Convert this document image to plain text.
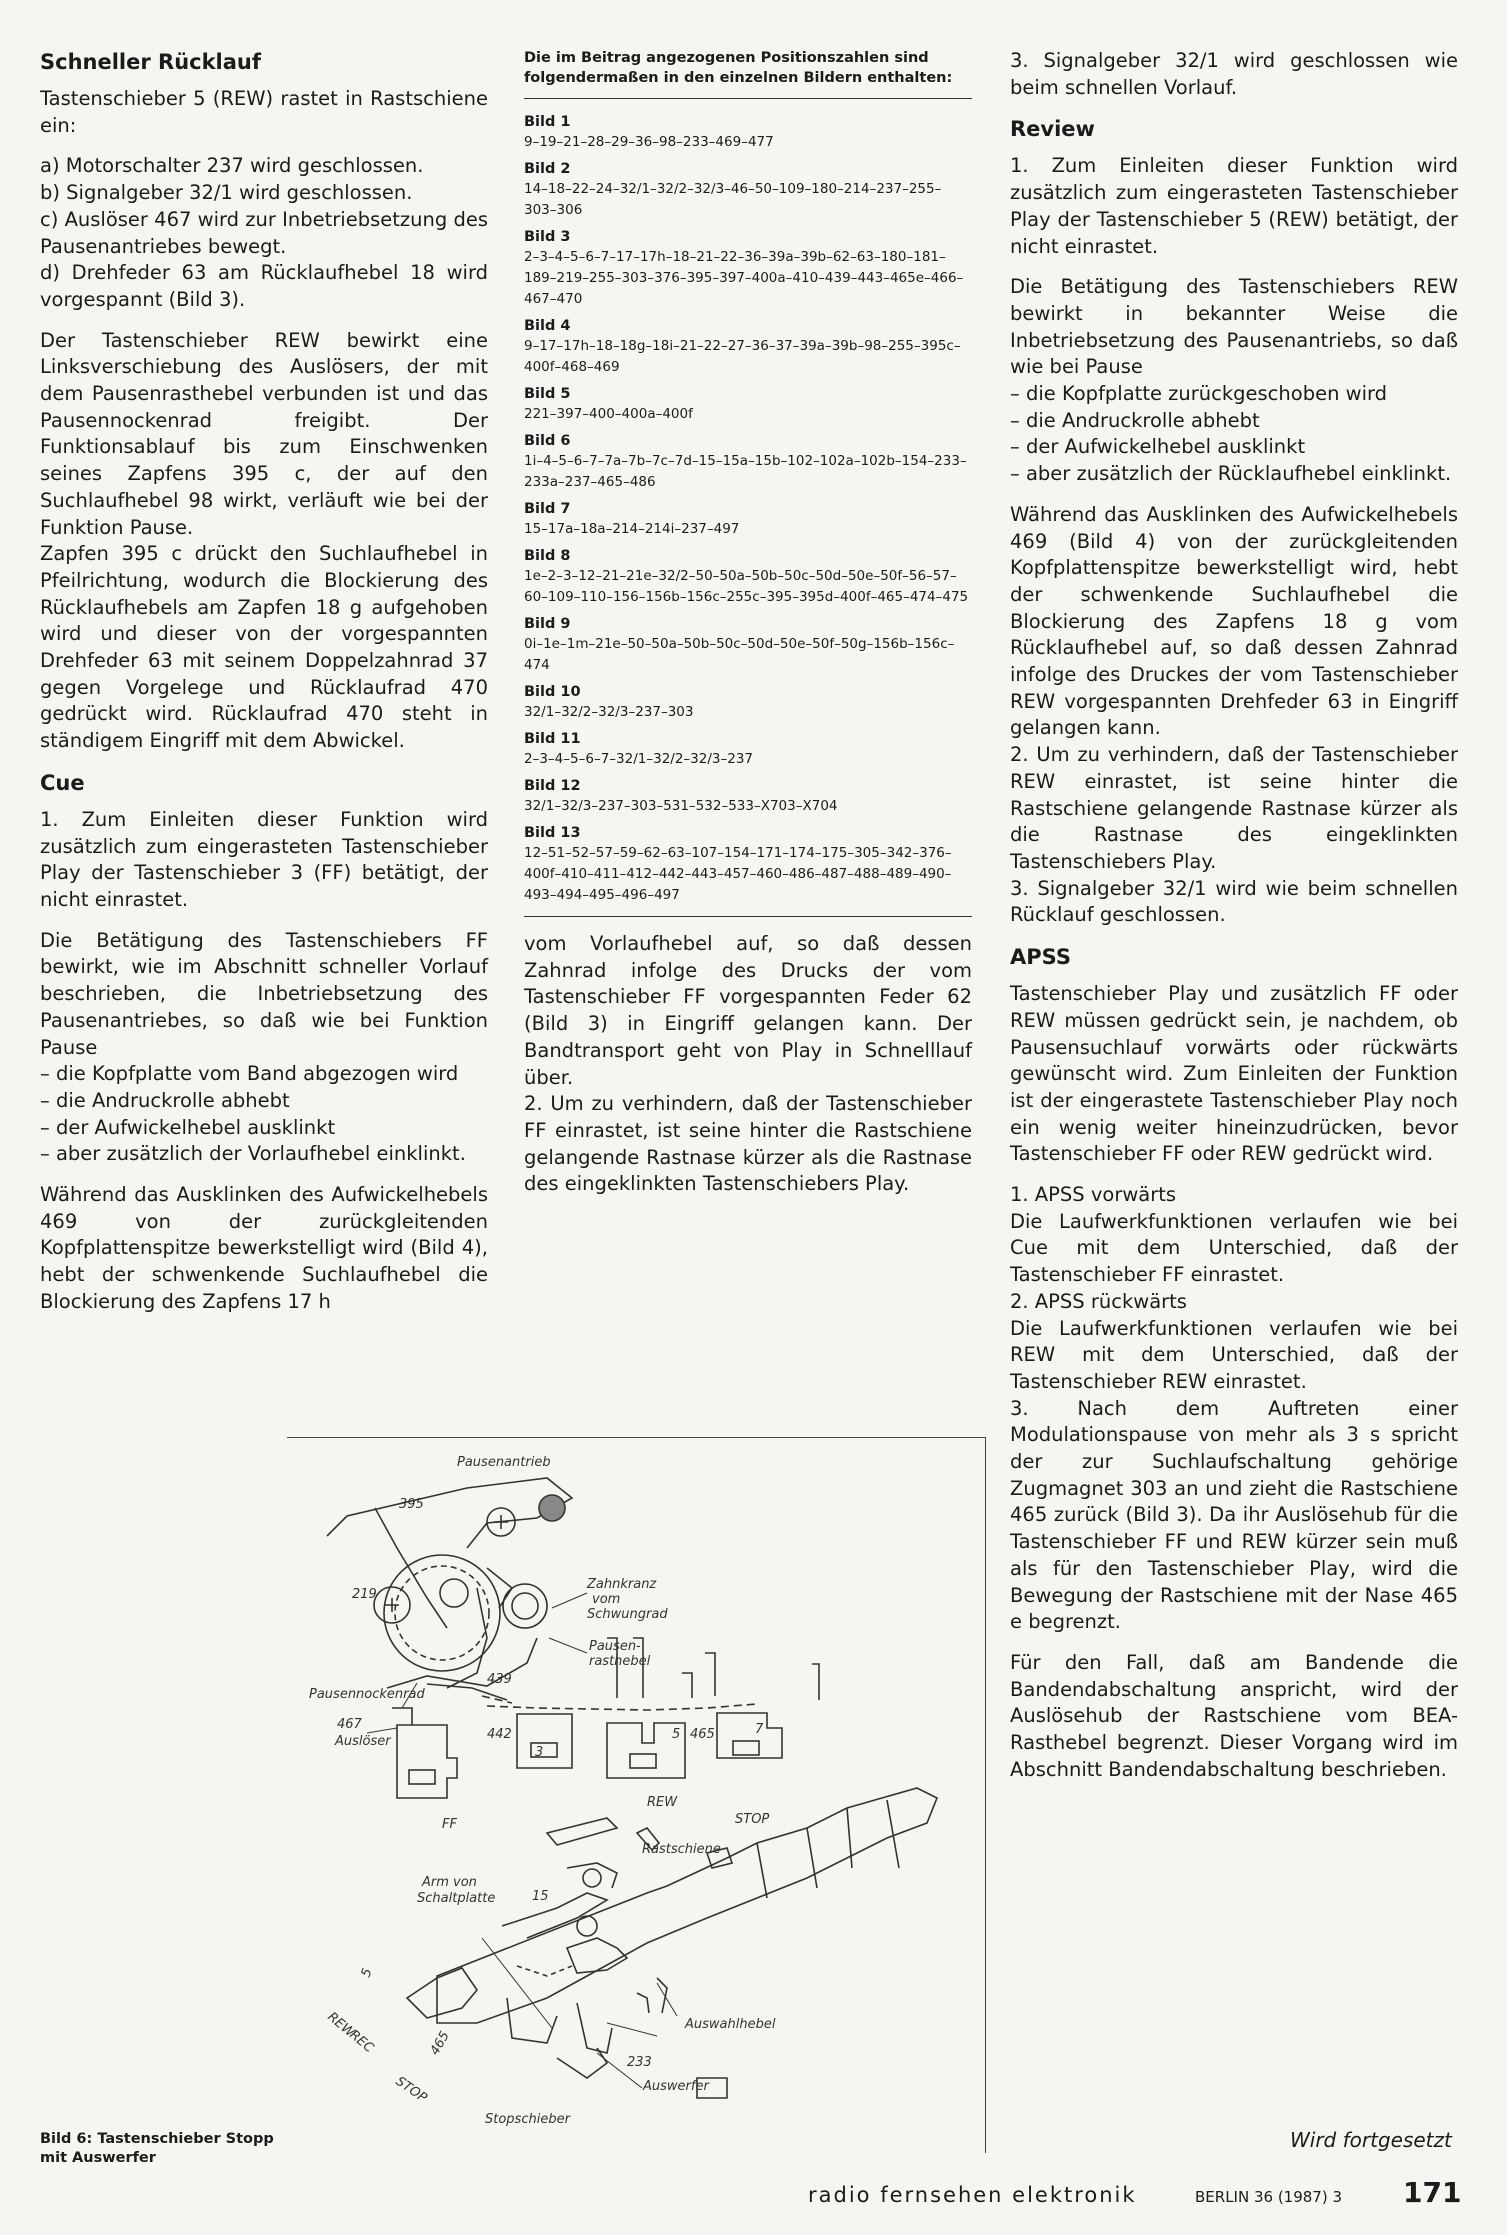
Schneller Rücklauf

Tastenschieber 5 (REW) rastet in Rastschiene ein:

a) Motorschalter 237 wird geschlossen.

b) Signalgeber 32/1 wird geschlossen.

c) Auslöser 467 wird zur Inbetriebsetzung des Pausenantriebes bewegt.

d) Drehfeder 63 am Rücklaufhebel 18 wird vorgespannt (Bild 3).

Der Tastenschieber REW bewirkt eine Linksverschiebung des Auslösers, der mit dem Pausenrasthebel verbunden ist und das Pausennockenrad freigibt. Der Funktionsablauf bis zum Einschwenken seines Zapfens 395 c, der auf den Suchlaufhebel 98 wirkt, verläuft wie bei der Funktion Pause.

Zapfen 395 c drückt den Suchlaufhebel in Pfeilrichtung, wodurch die Blockierung des Rücklaufhebels am Zapfen 18 g aufgehoben wird und dieser von der vorgespannten Drehfeder 63 mit seinem Doppelzahnrad 37 gegen Vorgelege und Rücklaufrad 470 gedrückt wird. Rücklaufrad 470 steht in ständigem Eingriff mit dem Abwickel.

Cue

1. Zum Einleiten dieser Funktion wird zusätzlich zum eingerasteten Tastenschieber Play der Tastenschieber 3 (FF) betätigt, der nicht einrastet.

Die Betätigung des Tastenschiebers FF bewirkt, wie im Abschnitt schneller Vorlauf beschrieben, die Inbetriebsetzung des Pausenantriebes, so daß wie bei Funktion Pause

– die Kopfplatte vom Band abgezogen wird
– die Andruckrolle abhebt
– der Aufwickelhebel ausklinkt
– aber zusätzlich der Vorlaufhebel einklinkt.

Während das Ausklinken des Aufwickelhebels 469 von der zurückgleitenden Kopfplattenspitze bewerkstelligt wird (Bild 4), hebt der schwenkende Suchlaufhebel die Blockierung des Zapfens 17 h

Die im Beitrag angezogenen Positionszahlen sind folgendermaßen in den einzelnen Bildern enthalten:
Bild 1
9–19–21–28–29–36–98–233–469–477
Bild 2
14–18–22–24–32/1–32/2–32/3–46–50–109–180–214–237–255–303–306
Bild 3
2–3–4–5–6–7–17–17h–18–21–22–36–39a–39b–62–63–180–181–189–219–255–303–376–395–397–400a–410–439–443–465e–466–467–470
Bild 4
9–17–17h–18–18g–18i–21–22–27–36–37–39a–39b–98–255–395c–400f–468–469
Bild 5
221–397–400–400a–400f
Bild 6
1i–4–5–6–7–7a–7b–7c–7d–15–15a–15b–102–102a–102b–154–233–233a–237–465–486
Bild 7
15–17a–18a–214–214i–237–497
Bild 8
1e–2–3–12–21–21e–32/2–50–50a–50b–50c–50d–50e–50f–56–57–60–109–110–156–156b–156c–255c–395–395d–400f–465–474–475
Bild 9
0i–1e–1m–21e–50–50a–50b–50c–50d–50e–50f–50g–156b–156c–474
Bild 10
32/1–32/2–32/3–237–303
Bild 11
2–3–4–5–6–7–32/1–32/2–32/3–237
Bild 12
32/1–32/3–237–303–531–532–533–X703–X704
Bild 13
12–51–52–57–59–62–63–107–154–171–174–175–305–342–376–400f–410–411–412–442–443–457–460–486–487–488–489–490–493–494–495–496–497

vom Vorlaufhebel auf, so daß dessen Zahnrad infolge des Drucks der vom Tastenschieber FF vorgespannten Feder 62 (Bild 3) in Eingriff gelangen kann. Der Bandtransport geht von Play in Schnelllauf über.

2. Um zu verhindern, daß der Tastenschieber FF einrastet, ist seine hinter die Rastschiene gelangende Rastnase kürzer als die Rastnase des eingeklinkten Tastenschiebers Play.

3. Signalgeber 32/1 wird geschlossen wie beim schnellen Vorlauf.

Review

1. Zum Einleiten dieser Funktion wird zusätzlich zum eingerasteten Tastenschieber Play der Tastenschieber 5 (REW) betätigt, der nicht einrastet.

Die Betätigung des Tastenschiebers REW bewirkt in bekannter Weise die Inbetriebsetzung des Pausenantriebs, so daß wie bei Pause

– die Kopfplatte zurückgeschoben wird
– die Andruckrolle abhebt
– der Aufwickelhebel ausklinkt
– aber zusätzlich der Rücklaufhebel einklinkt.

Während das Ausklinken des Aufwickelhebels 469 (Bild 4) von der zurückgleitenden Kopfplattenspitze bewerkstelligt wird, hebt der schwenkende Suchlaufhebel die Blockierung des Zapfens 18 g vom Rücklaufhebel auf, so daß dessen Zahnrad infolge des Druckes der vom Tastenschieber REW vorgespannten Drehfeder 63 in Eingriff gelangen kann.

2. Um zu verhindern, daß der Tastenschieber REW einrastet, ist seine hinter die Rastschiene gelangende Rastnase kürzer als die Rastnase des eingeklinkten Tastenschiebers Play.

3. Signalgeber 32/1 wird wie beim schnellen Rücklauf geschlossen.

APSS

Tastenschieber Play und zusätzlich FF oder REW müssen gedrückt sein, je nachdem, ob Pausensuchlauf vorwärts oder rückwärts gewünscht wird. Zum Einleiten der Funktion ist der eingerastete Tastenschieber Play noch ein wenig weiter hineinzudrücken, bevor Tastenschieber FF oder REW gedrückt wird.

1. APSS vorwärts

Die Laufwerkfunktionen verlaufen wie bei Cue mit dem Unterschied, daß der Tastenschieber FF einrastet.

2. APSS rückwärts

Die Laufwerkfunktionen verlaufen wie bei REW mit dem Unterschied, daß der Tastenschieber REW einrastet.

3. Nach dem Auftreten einer Modulationspause von mehr als 3 s spricht der zur Suchlaufschaltung gehörige Zugmagnet 303 an und zieht die Rastschiene 465 zurück (Bild 3). Da ihr Auslösehub für die Tastenschieber FF und REW kürzer sein muß als für den Tastenschieber Play, wird die Bewegung der Rastschiene mit der Nase 465 e begrenzt.

Für den Fall, daß am Bandende die Bandendabschaltung anspricht, wird der Auslösehub der Rastschiene vom BEA-Rasthebel begrenzt. Dieser Vorgang wird im Abschnitt Bandendabschaltung beschrieben.

Pausenantrieb
395
219
Zahnkranz
vom
Schwungrad
Pausen-
rasthebel
439
Pausennockenrad
467
Auslöser	442
3
5 465	7
REW
FF	STOP
Rastschiene
Arm von
Schaltplatte	15
Auswahlhebel
233
Auswerfer
Stopschieber
REW
REC
STOP
5
465
Bild 6: Tastenschieber Stopp mit Auswerfer
Wird fortgesetzt
radio fernsehen elektronik	BERLIN 36 (1987) 3 171
